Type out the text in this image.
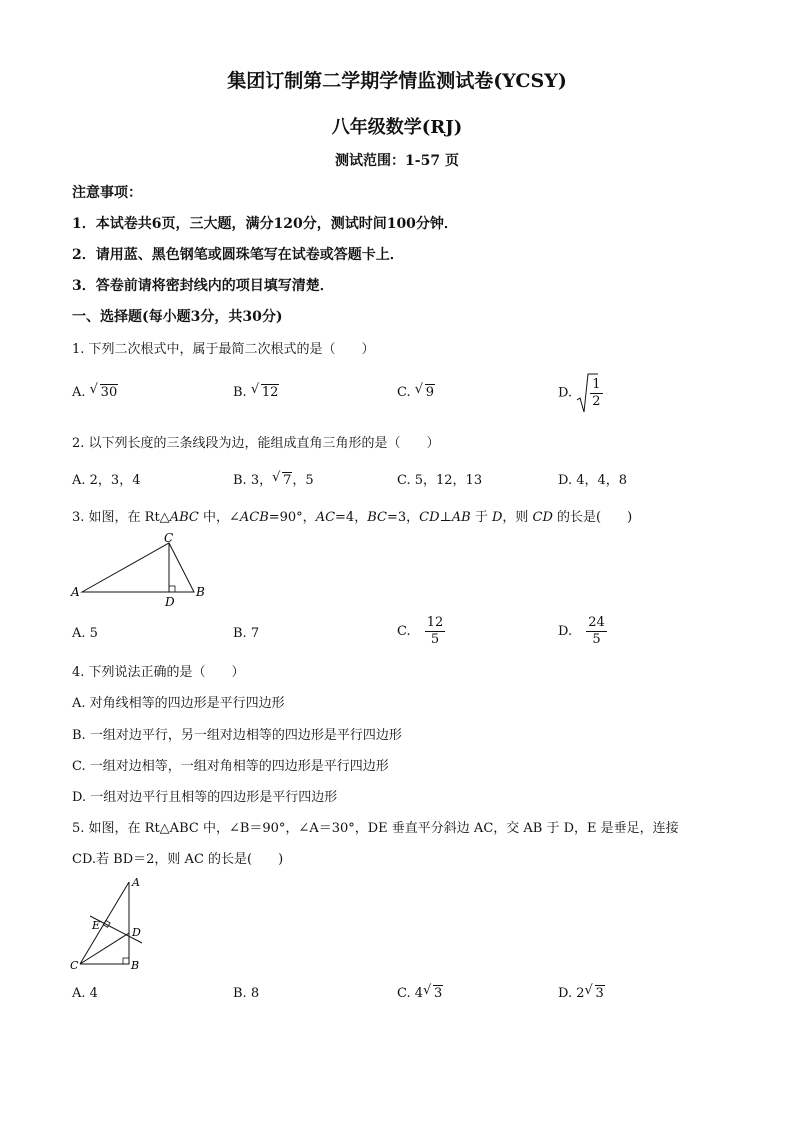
集团订制第二学期学情监测试卷(YCSY)
八年级数学(RJ)
测试范围：1-57 页
注意事项：
1．本试卷共6页，三大题，满分120分，测试时间100分钟．
2．请用蓝、黑色钢笔或圆珠笔写在试卷或答题卡上．
3．答卷前请将密封线内的项目填写清楚．
一、选择题(每小题3分，共30分)
1. 下列二次根式中，属于最简二次根式的是（　　）
A. √ 30	B. √ 12	C. √ 9	D. $\frac{1}{2}$
2. 以下列长度的三条线段为边，能组成直角三角形的是（　　）
A. 2，3，4	B. 3， √ 7，5	C. 5，12，13	D. 4，4，8
3. 如图，在 Rt△ABC 中，∠ACB=90°，AC=4，BC=3，CD⊥AB 于 D，则 CD 的长是(　　)
C
A
D
B
A. 5	B. 7	C. $\frac{12}{5}$	D. $\frac{24}{5}$
4. 下列说法正确的是（　　）
A. 对角线相等的四边形是平行四边形
B. 一组对边平行，另一组对边相等的四边形是平行四边形
C. 一组对边相等，一组对角相等的四边形是平行四边形
D. 一组对边平行且相等的四边形是平行四边形
5. 如图，在 Rt△ABC 中，∠B＝90°，∠A＝30°，DE 垂直平分斜边 AC，交 AB 于 D，E 是垂足，连接
CD.若 BD＝2，则 AC 的长是(　　)
A
E
D
C	B
A. 4	B. 8	C. 4 √ 3	D. 2 √ 3
